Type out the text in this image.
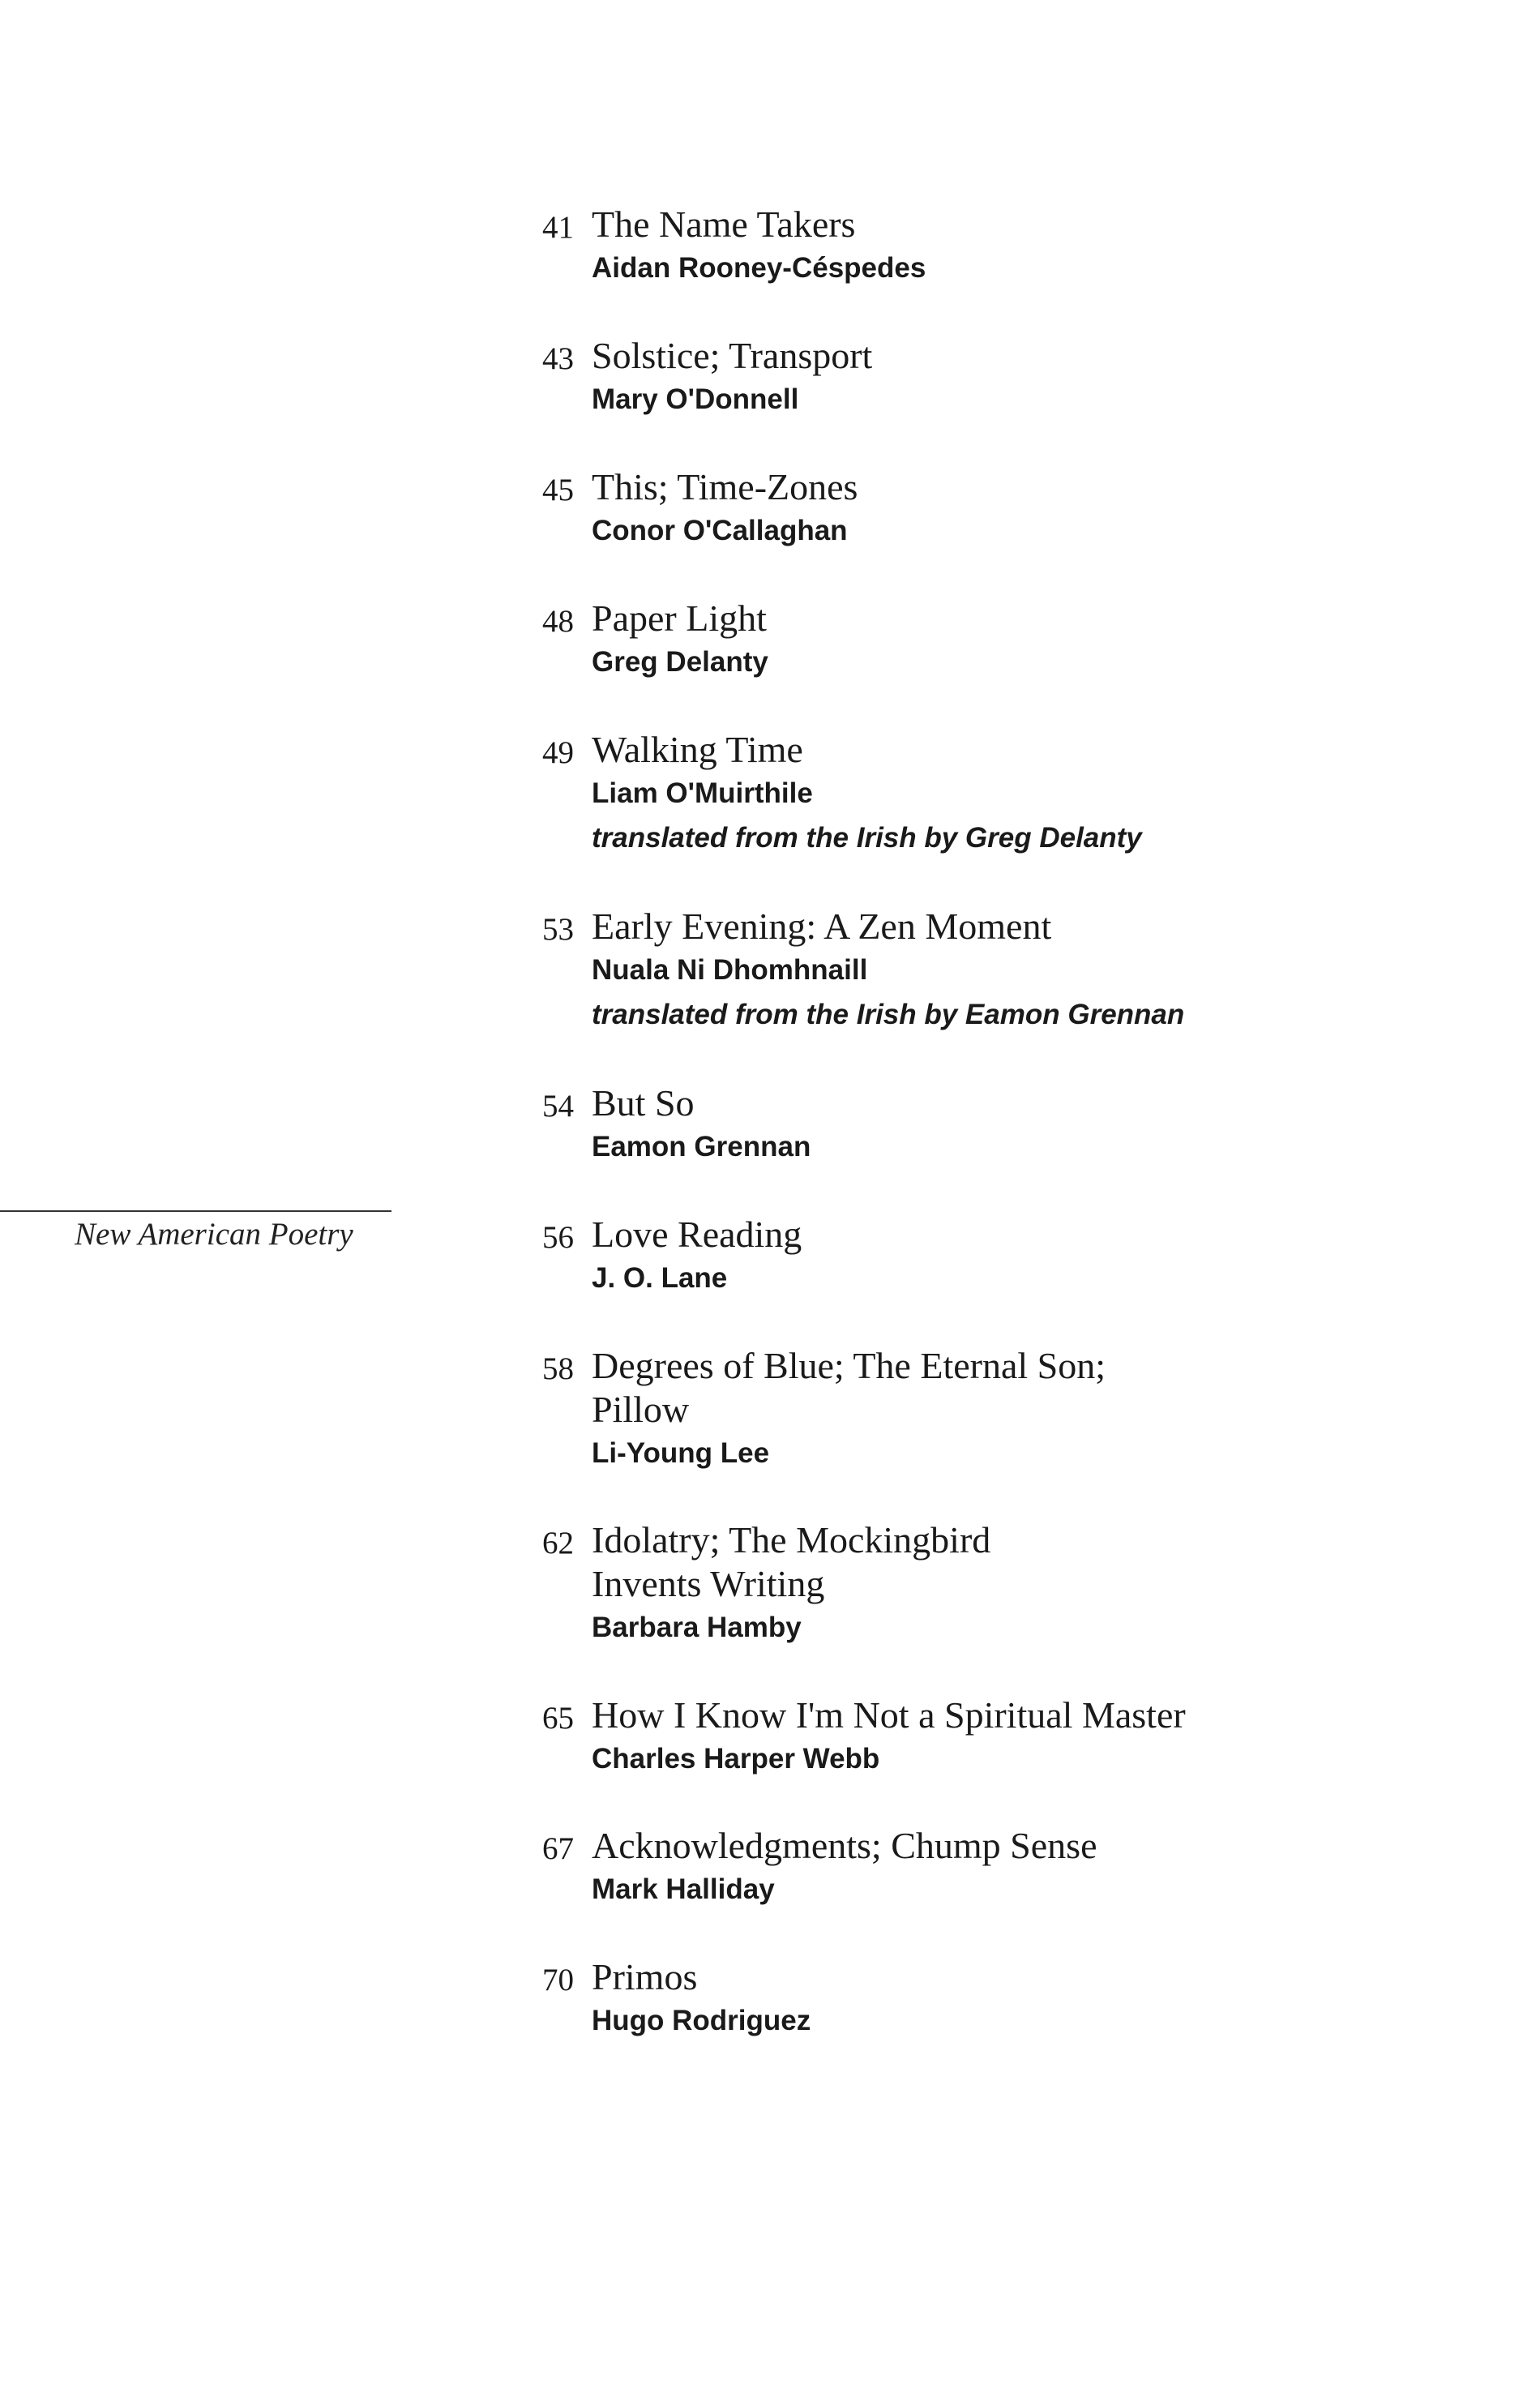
New American Poetry
41 The Name Takers
Aidan Rooney-Céspedes
43 Solstice; Transport
Mary O'Donnell
45 This; Time-Zones
Conor O'Callaghan
48 Paper Light
Greg Delanty
49 Walking Time
Liam O'Muirthile
translated from the Irish by Greg Delanty
53 Early Evening: A Zen Moment
Nuala Ni Dhomhnaill
translated from the Irish by Eamon Grennan
54 But So
Eamon Grennan
56 Love Reading
J. O. Lane
58 Degrees of Blue; The Eternal Son;
Pillow
Li-Young Lee
62 Idolatry; The Mockingbird
Invents Writing
Barbara Hamby
65 How I Know I'm Not a Spiritual Master
Charles Harper Webb
67 Acknowledgments; Chump Sense
Mark Halliday
70 Primos
Hugo Rodriguez
